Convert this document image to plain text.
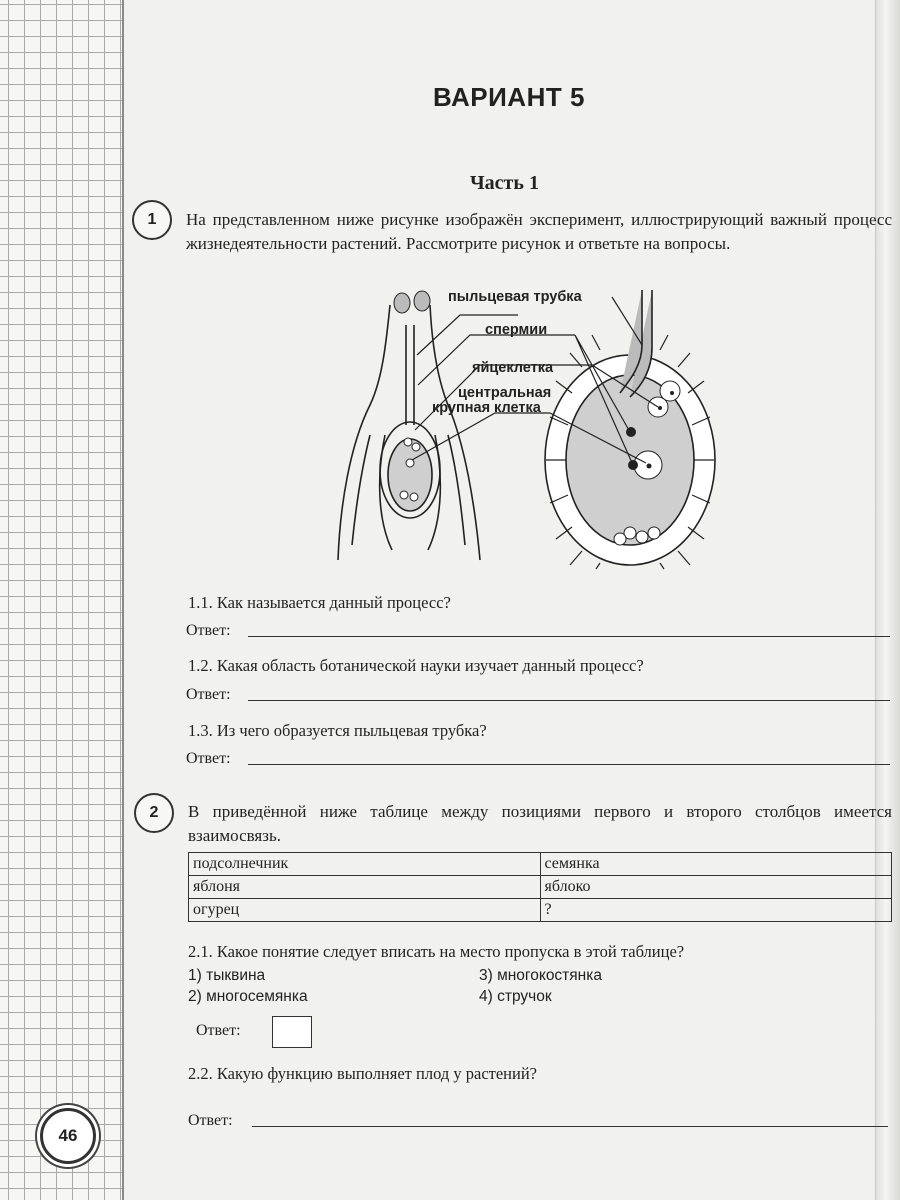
46
ВАРИАНТ 5
Часть 1
1	На представленном ниже рисунке изображён эксперимент, иллюстрирующий важный процесс жизнедеятельности растений. Рассмотрите рисунок и ответьте на вопросы.
пыльцевая трубка
спермии
яйцеклетка
центральная
крупная клетка
1.1. Как называется данный процесс?
Ответ:
1.2. Какая область ботанической науки изучает данный процесс?
Ответ:
1.3. Из чего образуется пыльцевая трубка?
Ответ:
2	В приведённой ниже таблице между позициями первого и второго столбцов имеется взаимосвязь.
подсолнечник	семянка
яблоня	яблоко
огурец	?
2.1. Какое понятие следует вписать на место пропуска в этой таблице?
1) тыквина
2) многосемянка
3) многокостянка
4) стручок
Ответ:
2.2. Какую функцию выполняет плод у растений?
Ответ:
